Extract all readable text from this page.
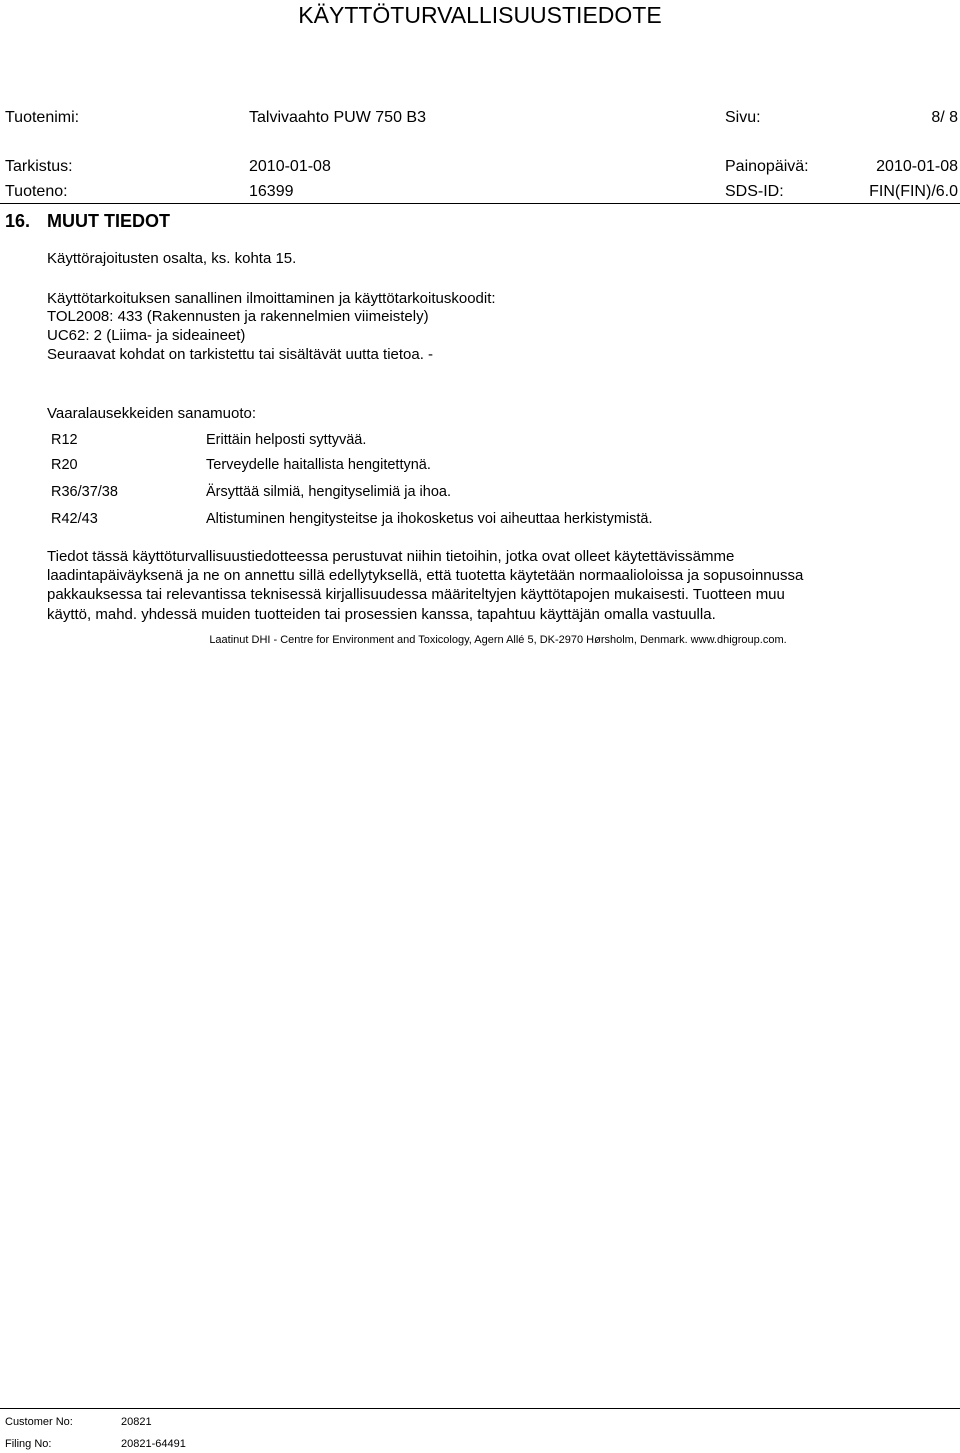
KÄYTTÖTURVALLISUUSTIEDOTE
Tuotenimi:	Talvivaahto PUW 750 B3	Sivu:	8/ 8
Tarkistus:	2010-01-08	Painopäivä:	2010-01-08
Tuoteno:	16399	SDS-ID:	FIN(FIN)/6.0
16. MUUT TIEDOT
Käyttörajoitusten osalta, ks. kohta 15.
Käyttötarkoituksen sanallinen ilmoittaminen ja käyttötarkoituskoodit:
TOL2008: 433 (Rakennusten ja rakennelmien viimeistely)
UC62: 2 (Liima- ja sideaineet)
Seuraavat kohdat on tarkistettu tai sisältävät uutta tietoa. -
Vaaralausekkeiden sanamuoto:
R12	Erittäin helposti syttyvää.
R20	Terveydelle haitallista hengitettynä.
R36/37/38	Ärsyttää silmiä, hengityselimiä ja ihoa.
R42/43	Altistuminen hengitysteitse ja ihokosketus voi aiheuttaa herkistymistä.
Tiedot tässä käyttöturvallisuustiedotteessa perustuvat niihin tietoihin, jotka ovat olleet käytettävissämme
laadintapäiväyksenä ja ne on annettu sillä edellytyksellä, että tuotetta käytetään normaalioloissa ja sopusoinnussa
pakkauksessa tai relevantissa teknisessä kirjallisuudessa määriteltyjen käyttötapojen mukaisesti. Tuotteen muu
käyttö, mahd. yhdessä muiden tuotteiden tai prosessien kanssa, tapahtuu käyttäjän omalla vastuulla.
Laatinut DHI - Centre for Environment and Toxicology, Agern Allé 5, DK-2970 Hørsholm, Denmark. www.dhigroup.com.
Customer No:	20821
Filing No:	20821-64491
